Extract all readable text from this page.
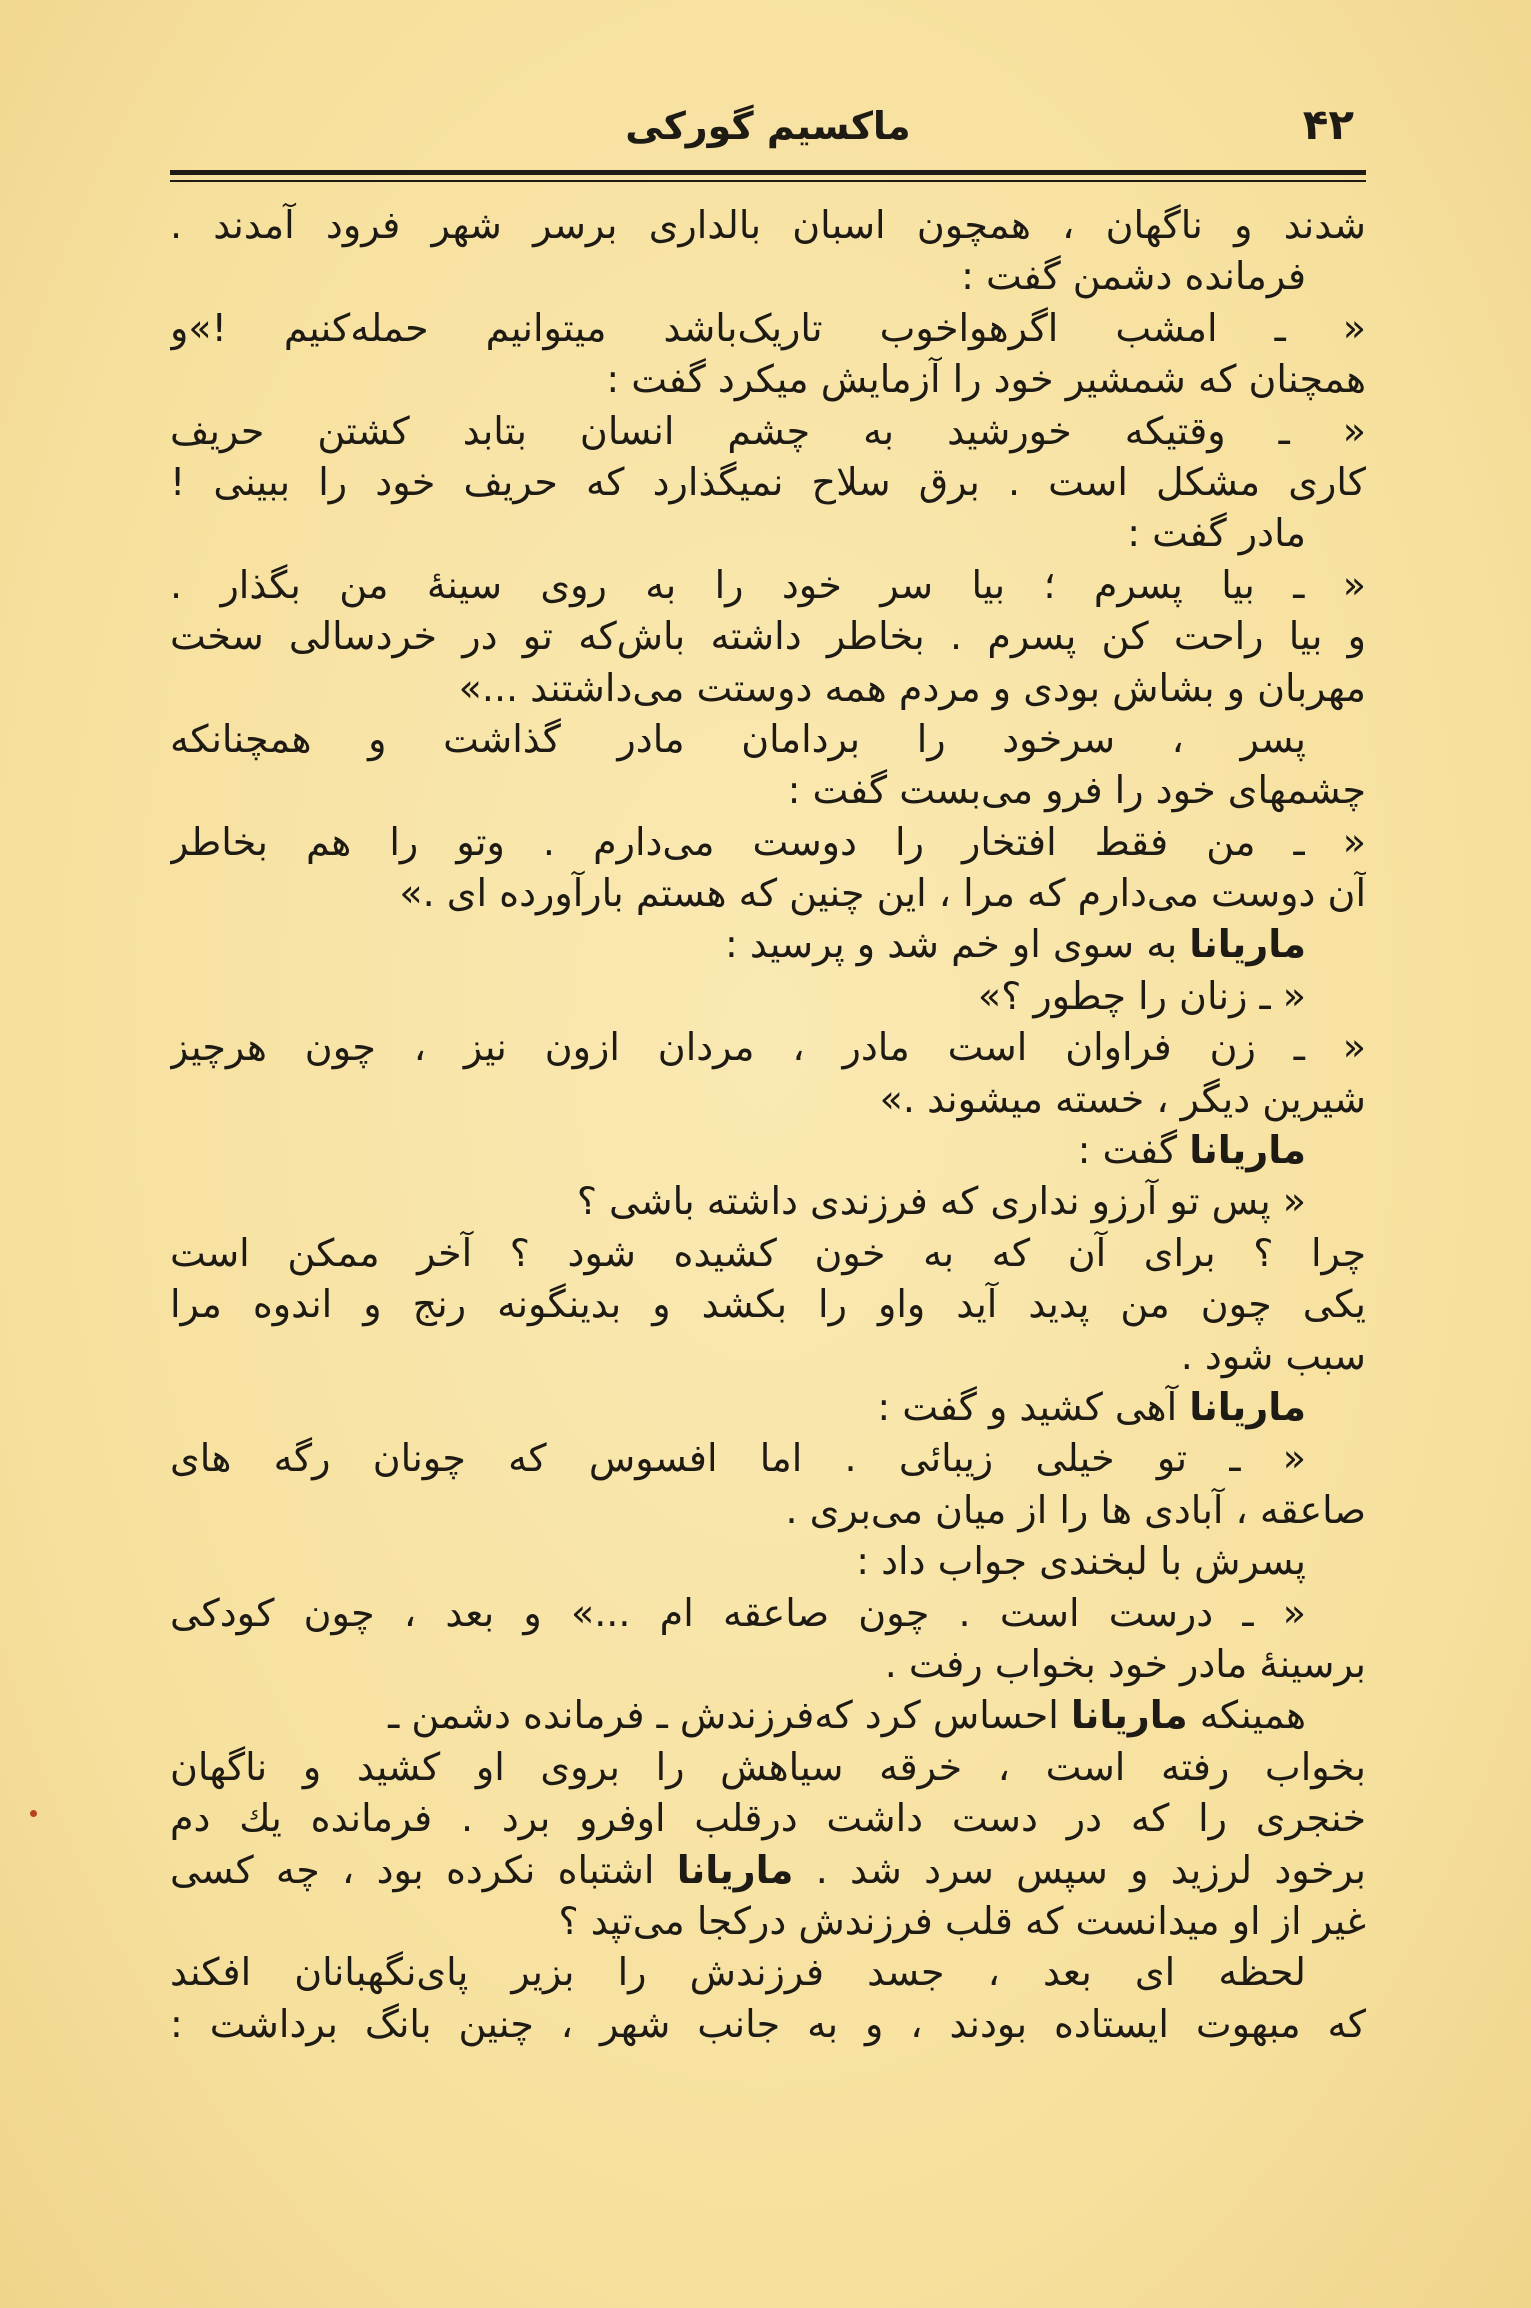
۴۲
ماکسیم گورکی
شدند و ناگهان ، همچون اسبان بالداری برسر شهر فرود آمدند .
فرمانده دشمن گفت :
« ـ امشب اگرهواخوب تاریک‌باشد میتوانیم حمله‌کنیم !»و
همچنان که شمشیر خود را آزمایش میکرد گفت :
« ـ وقتیکه خورشید به چشم انسان بتابد کشتن حریف
کاری مشکل است . برق سلاح نمیگذارد که حریف خود را ببینی !
مادر گفت :
« ـ بیا پسرم ؛ بیا سر خود را به روی سینهٔ من بگذار .
و بیا راحت کن پسرم . بخاطر داشته باش‌که تو در خردسالی سخت
مهربان و بشاش بودی و مردم همه دوستت می‌داشتند ...»
پسر ، سرخود را بردامان مادر گذاشت و همچنانکه
چشمهای خود را فرو می‌بست گفت :
« ـ من فقط افتخار را دوست می‌دارم . وتو را هم بخاطر
آن دوست می‌دارم که مرا ، این چنین که هستم بارآورده ای .»
ماریانا به سوی او خم شد و پرسید :
« ـ زنان را چطور ؟»
« ـ زن فراوان است مادر ، مردان ازون نیز ، چون هرچیز
شیرین دیگر ، خسته میشوند .»
ماریانا گفت :
« پس تو آرزو نداری که فرزندی داشته باشی ؟
چرا ؟ برای آن که به خون کشیده شود ؟ آخر ممکن است
یکی چون من پدید آید واو را بکشد و بدینگونه رنج و اندوه مرا
سبب شود .
ماریانا آهی کشید و گفت :
« ـ تو خیلی زیبائی . اما افسوس که چونان رگه های
صاعقه ، آبادی ها را از میان می‌بری .
پسرش با لبخندی جواب داد :
« ـ درست است . چون صاعقه ام ...» و بعد ، چون کودکی
برسینهٔ مادر خود بخواب رفت .
همینکه ماریانا احساس کرد که‌فرزندش ـ فرمانده دشمن ـ
بخواب رفته است ، خرقه سیاهش را بروی او کشید و ناگهان
خنجری را که در دست داشت درقلب اوفرو برد . فرمانده یك دم
برخود لرزید و سپس سرد شد . ماریانا اشتباه نکرده بود ، چه کسی
غیر از او میدانست که قلب فرزندش درکجا می‌تپد ؟
لحظه ای بعد ، جسد فرزندش را بزیر پای‌نگهبانان افکند
که مبهوت ایستاده بودند ، و به جانب شهر ، چنین بانگ برداشت :
